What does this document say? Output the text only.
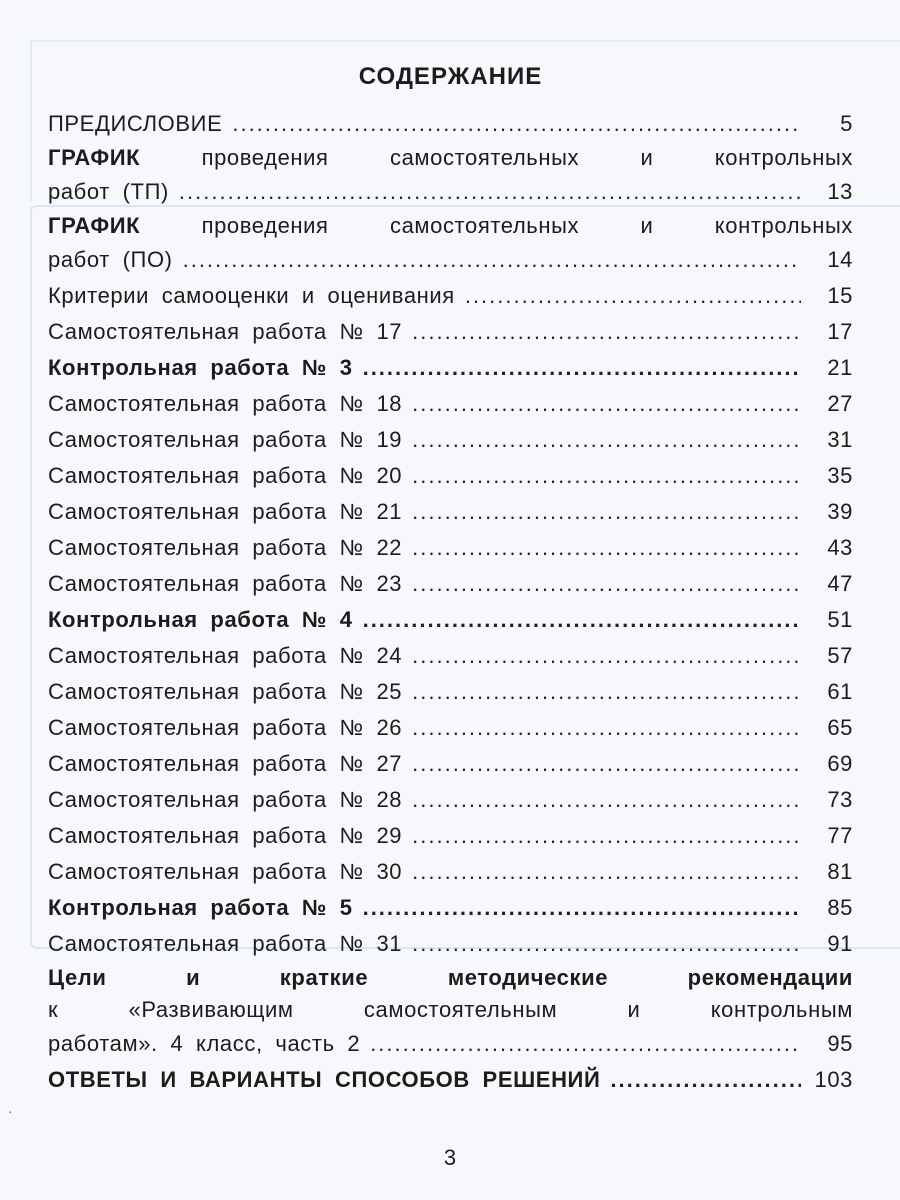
СОДЕРЖАНИЕ
ПРЕДИСЛОВИЕ .....	5
ГРАФИК проведения самостоятельных и контрольных
работ (ТП) .....	13
ГРАФИК проведения самостоятельных и контрольных
работ (ПО) .....	14
Критерии самооценки и оценивания .....	15
Самостоятельная работа № 17 .....	17
Контрольная работа № 3 .....	21
Самостоятельная работа № 18 .....	27
Самостоятельная работа № 19 .....	31
Самостоятельная работа № 20 .....	35
Самостоятельная работа № 21 .....	39
Самостоятельная работа № 22 .....	43
Самостоятельная работа № 23 .....	47
Контрольная работа № 4 .....	51
Самостоятельная работа № 24 .....	57
Самостоятельная работа № 25 .....	61
Самостоятельная работа № 26 .....	65
Самостоятельная работа № 27 .....	69
Самостоятельная работа № 28 .....	73
Самостоятельная работа № 29 .....	77
Самостоятельная работа № 30 .....	81
Контрольная работа № 5 .....	85
Самостоятельная работа № 31 .....	91
Цели и краткие методические рекомендации
к «Развивающим самостоятельным и контрольным
работам». 4 класс, часть 2 .....	95
ОТВЕТЫ И ВАРИАНТЫ СПОСОБОВ РЕШЕНИЙ .....	103
·
3
